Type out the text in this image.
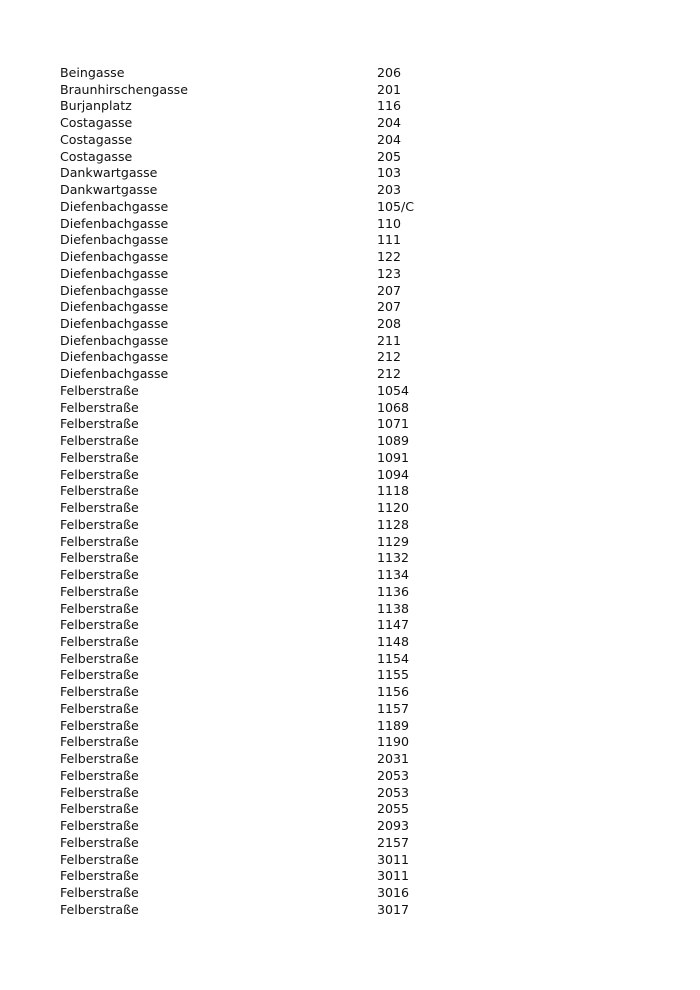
Beingasse	206
Braunhirschengasse	201
Burjanplatz	116
Costagasse	204
Costagasse	204
Costagasse	205
Dankwartgasse	103
Dankwartgasse	203
Diefenbachgasse	105/C
Diefenbachgasse	110
Diefenbachgasse	111
Diefenbachgasse	122
Diefenbachgasse	123
Diefenbachgasse	207
Diefenbachgasse	207
Diefenbachgasse	208
Diefenbachgasse	211
Diefenbachgasse	212
Diefenbachgasse	212
Felberstraße	1054
Felberstraße	1068
Felberstraße	1071
Felberstraße	1089
Felberstraße	1091
Felberstraße	1094
Felberstraße	1118
Felberstraße	1120
Felberstraße	1128
Felberstraße	1129
Felberstraße	1132
Felberstraße	1134
Felberstraße	1136
Felberstraße	1138
Felberstraße	1147
Felberstraße	1148
Felberstraße	1154
Felberstraße	1155
Felberstraße	1156
Felberstraße	1157
Felberstraße	1189
Felberstraße	1190
Felberstraße	2031
Felberstraße	2053
Felberstraße	2053
Felberstraße	2055
Felberstraße	2093
Felberstraße	2157
Felberstraße	3011
Felberstraße	3011
Felberstraße	3016
Felberstraße	3017
